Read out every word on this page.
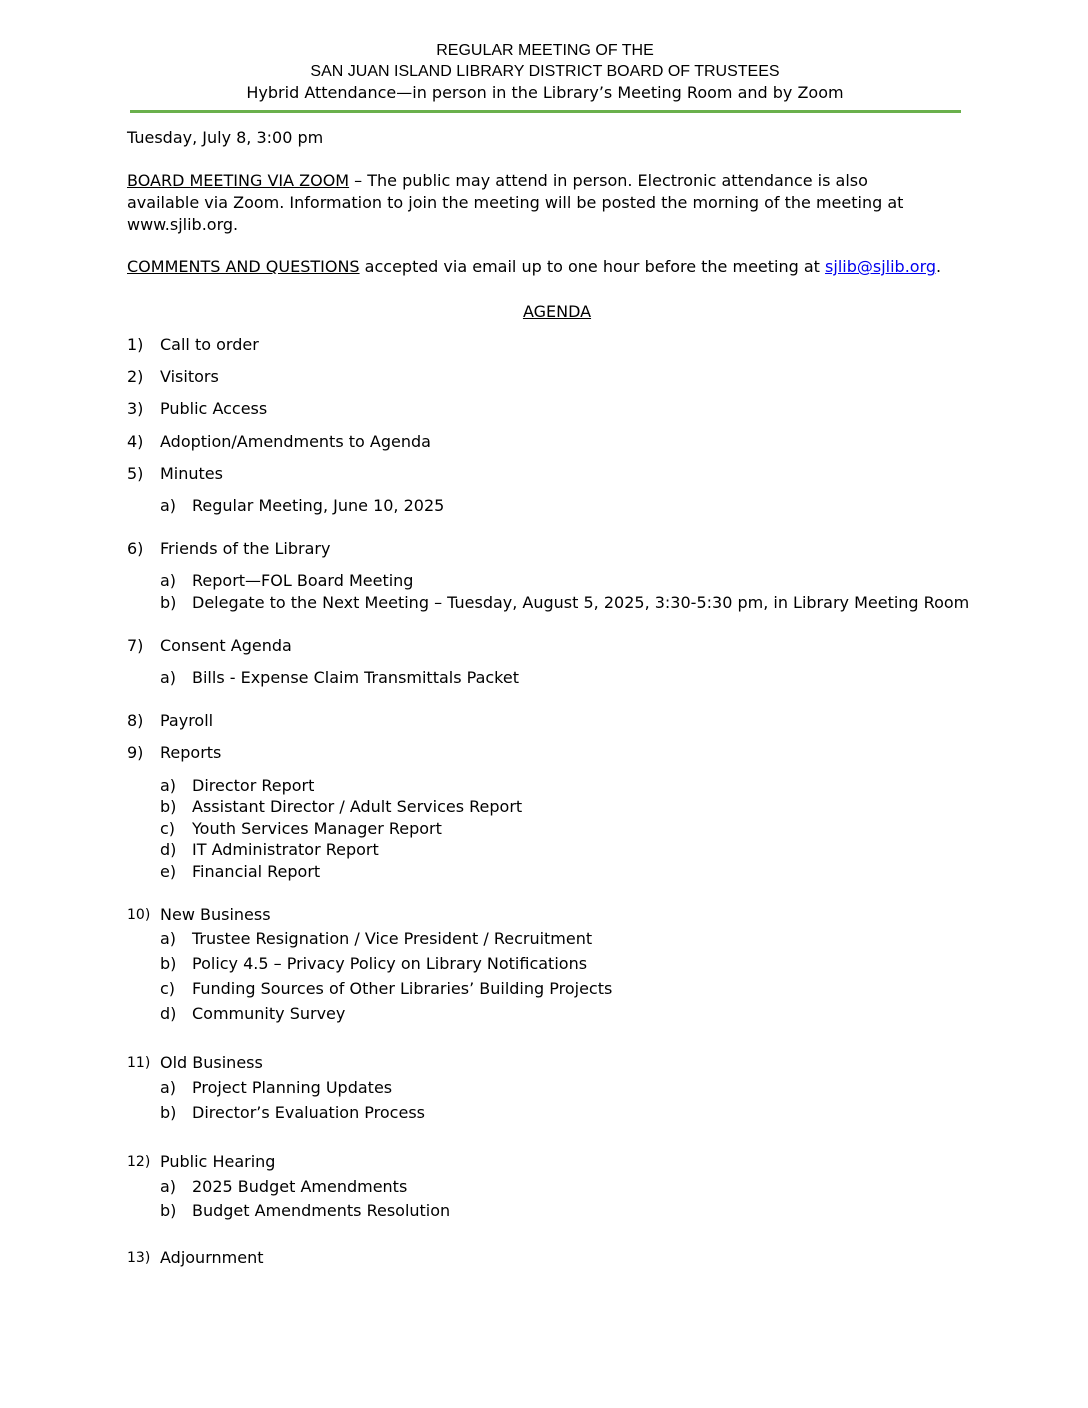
REGULAR MEETING OF THE
SAN JUAN ISLAND LIBRARY DISTRICT BOARD OF TRUSTEES
Hybrid Attendance—in person in the Library’s Meeting Room and by Zoom
Tuesday, July 8, 3:00 pm
BOARD MEETING VIA ZOOM – The public may attend in person. Electronic attendance is also
available via Zoom. Information to join the meeting will be posted the morning of the meeting at
www.sjlib.org.
COMMENTS AND QUESTIONS accepted via email up to one hour before the meeting at sjlib@sjlib.org.
AGENDA
1)	Call to order
2)	Visitors
3)	Public Access
4)	Adoption/Amendments to Agenda
5)	Minutes
a) Regular Meeting, June 10, 2025
6)	Friends of the Library
a) Report—FOL Board Meeting
b) Delegate to the Next Meeting – Tuesday, August 5, 2025, 3:30-5:30 pm, in Library Meeting Room
7)	Consent Agenda
a) Bills - Expense Claim Transmittals Packet
8)	Payroll
9)	Reports
a) Director Report
b) Assistant Director / Adult Services Report
c) Youth Services Manager Report
d) IT Administrator Report
e) Financial Report
10) New Business
a) Trustee Resignation / Vice President / Recruitment
b) Policy 4.5 – Privacy Policy on Library Notifications
c) Funding Sources of Other Libraries’ Building Projects
d) Community Survey
11) Old Business
a) Project Planning Updates
b) Director’s Evaluation Process
12) Public Hearing
a) 2025 Budget Amendments
b) Budget Amendments Resolution
13) Adjournment
